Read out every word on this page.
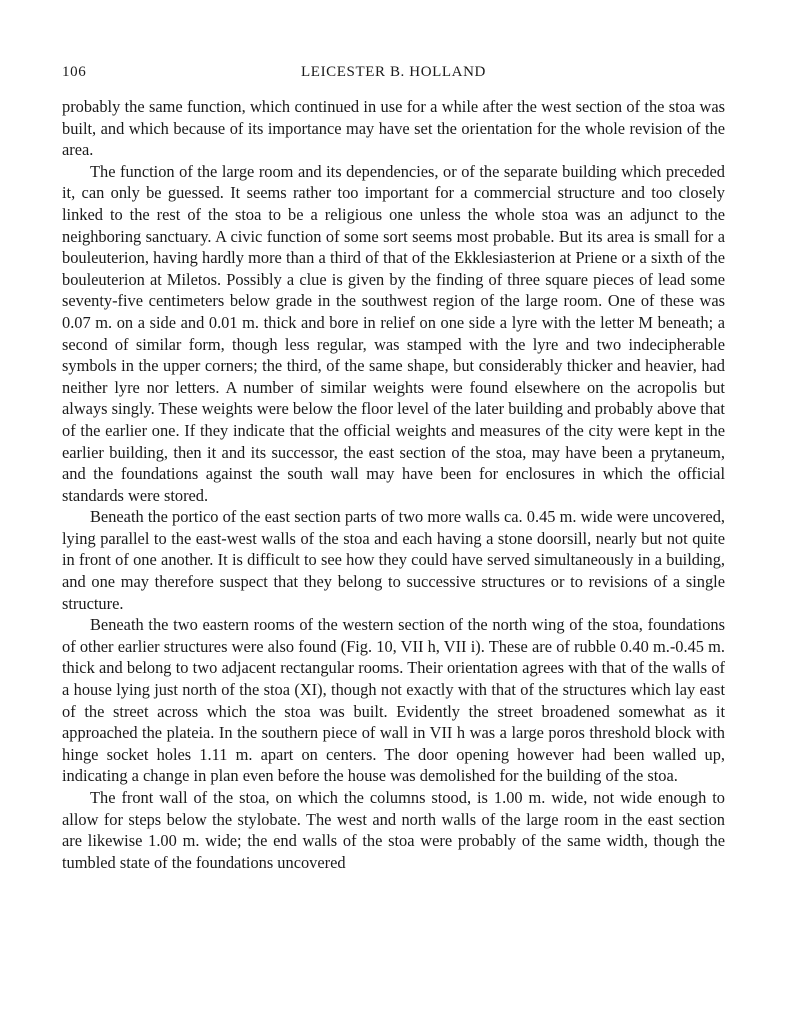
106	LEICESTER B. HOLLAND

probably the same function, which continued in use for a while after the west section of the stoa was built, and which because of its importance may have set the orientation for the whole revision of the area.

The function of the large room and its dependencies, or of the separate building which preceded it, can only be guessed. It seems rather too important for a commercial structure and too closely linked to the rest of the stoa to be a religious one unless the whole stoa was an adjunct to the neighboring sanctuary. A civic function of some sort seems most probable. But its area is small for a bouleuterion, having hardly more than a third of that of the Ekklesiasterion at Priene or a sixth of the bouleuterion at Miletos. Possibly a clue is given by the finding of three square pieces of lead some seventy-five centimeters below grade in the southwest region of the large room. One of these was 0.07 m. on a side and 0.01 m. thick and bore in relief on one side a lyre with the letter M beneath; a second of similar form, though less regular, was stamped with the lyre and two indecipherable symbols in the upper corners; the third, of the same shape, but considerably thicker and heavier, had neither lyre nor letters. A number of similar weights were found elsewhere on the acropolis but always singly. These weights were below the floor level of the later building and probably above that of the earlier one. If they indicate that the official weights and measures of the city were kept in the earlier building, then it and its successor, the east section of the stoa, may have been a prytaneum, and the foundations against the south wall may have been for enclosures in which the official standards were stored.

Beneath the portico of the east section parts of two more walls ca. 0.45 m. wide were uncovered, lying parallel to the east-west walls of the stoa and each having a stone doorsill, nearly but not quite in front of one another. It is difficult to see how they could have served simultaneously in a building, and one may therefore suspect that they belong to successive structures or to revisions of a single structure.

Beneath the two eastern rooms of the western section of the north wing of the stoa, foundations of other earlier structures were also found (Fig. 10, VII h, VII i). These are of rubble 0.40 m.-0.45 m. thick and belong to two adjacent rectangular rooms. Their orientation agrees with that of the walls of a house lying just north of the stoa (XI), though not exactly with that of the structures which lay east of the street across which the stoa was built. Evidently the street broadened somewhat as it approached the plateia. In the southern piece of wall in VII h was a large poros threshold block with hinge socket holes 1.11 m. apart on centers. The door opening however had been walled up, indicating a change in plan even before the house was demolished for the building of the stoa.

The front wall of the stoa, on which the columns stood, is 1.00 m. wide, not wide enough to allow for steps below the stylobate. The west and north walls of the large room in the east section are likewise 1.00 m. wide; the end walls of the stoa were probably of the same width, though the tumbled state of the foundations uncovered
